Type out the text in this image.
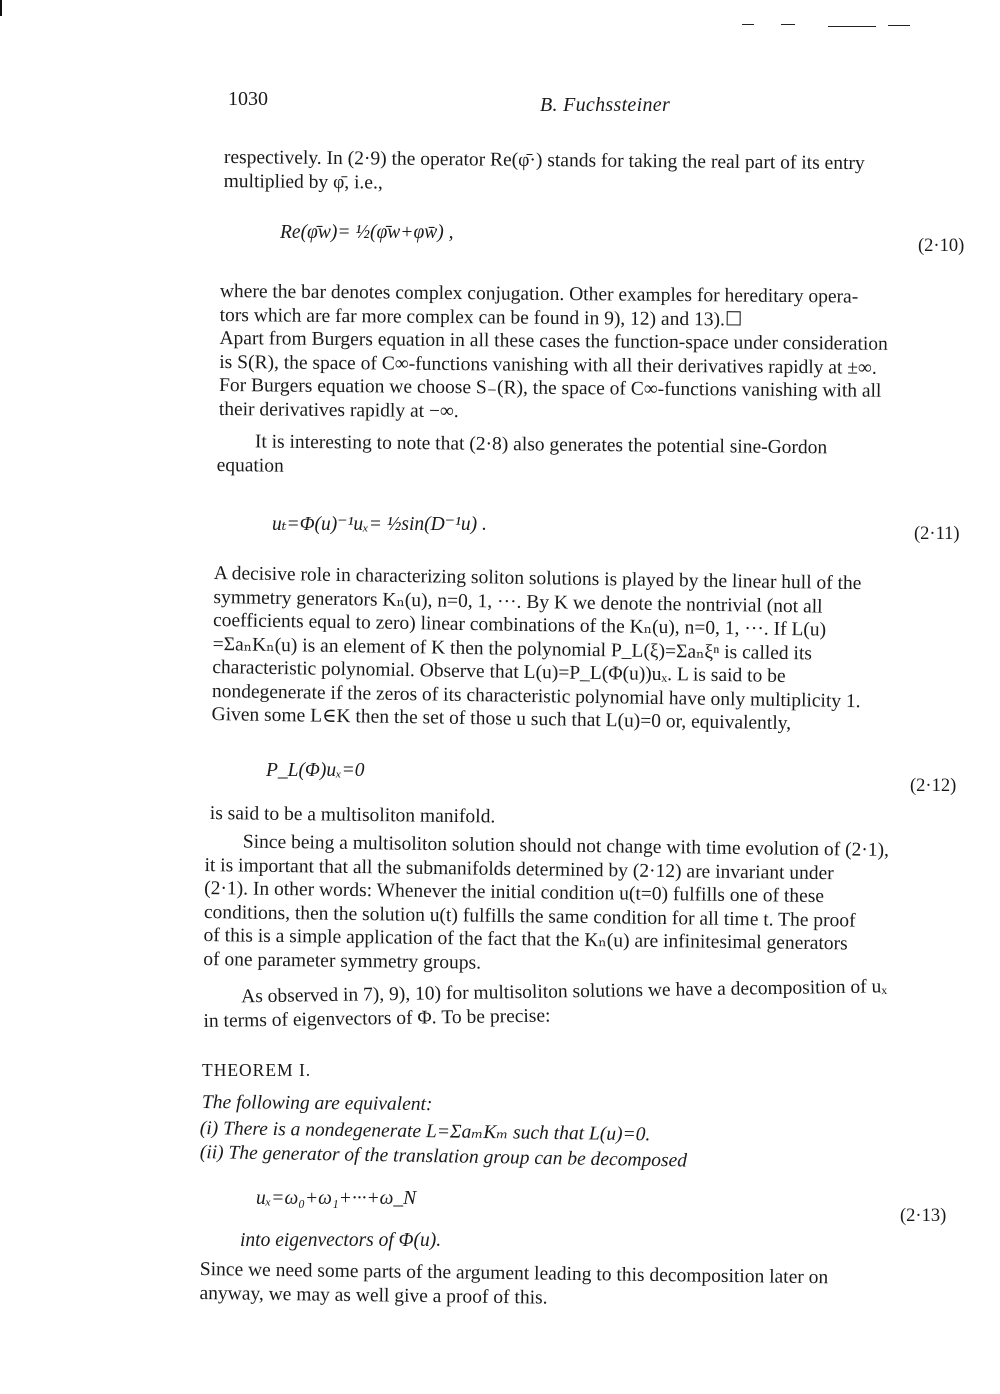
1030	B. Fuchssteiner
respectively. In (2·9) the operator Re(φ̄·) stands for taking the real part of its entry
multiplied by φ̄, i.e.,
Re(φ̄w)= ½(φ̄w+φw̄) ,
(2·10)
where the bar denotes complex conjugation. Other examples for hereditary opera-
tors which are far more complex can be found in 9), 12) and 13).☐
Apart from Burgers equation in all these cases the function-space under consideration
is S(R), the space of C∞-functions vanishing with all their derivatives rapidly at ±∞.
For Burgers equation we choose S₋(R), the space of C∞-functions vanishing with all
their derivatives rapidly at −∞.
It is interesting to note that (2·8) also generates the potential sine-Gordon
equation
uₜ=Φ(u)⁻¹uₓ= ½sin(D⁻¹u) .	(2·11)
A decisive role in characterizing soliton solutions is played by the linear hull of the
symmetry generators Kₙ(u), n=0, 1, ···. By K we denote the nontrivial (not all
coefficients equal to zero) linear combinations of the Kₙ(u), n=0, 1, ···. If L(u)
=ΣaₙKₙ(u) is an element of K then the polynomial P_L(ξ)=Σaₙξⁿ is called its
characteristic polynomial. Observe that L(u)=P_L(Φ(u))uₓ. L is said to be
nondegenerate if the zeros of its characteristic polynomial have only multiplicity 1.
Given some L∈K then the set of those u such that L(u)=0 or, equivalently,
P_L(Φ)uₓ=0
(2·12)
is said to be a multisoliton manifold.
Since being a multisoliton solution should not change with time evolution of (2·1),
it is important that all the submanifolds determined by (2·12) are invariant under
(2·1). In other words: Whenever the initial condition u(t=0) fulfills one of these
conditions, then the solution u(t) fulfills the same condition for all time t. The proof
of this is a simple application of the fact that the Kₙ(u) are infinitesimal generators
of one parameter symmetry groups.
As observed in 7), 9), 10) for multisoliton solutions we have a decomposition of uₓ
in terms of eigenvectors of Φ. To be precise:
THEOREM I.
The following are equivalent:
(i) There is a nondegenerate L=ΣaₘKₘ such that L(u)=0.
(ii) The generator of the translation group can be decomposed
uₓ=ω₀+ω₁+···+ω_N
(2·13)
into eigenvectors of Φ(u).
Since we need some parts of the argument leading to this decomposition later on
anyway, we may as well give a proof of this.
